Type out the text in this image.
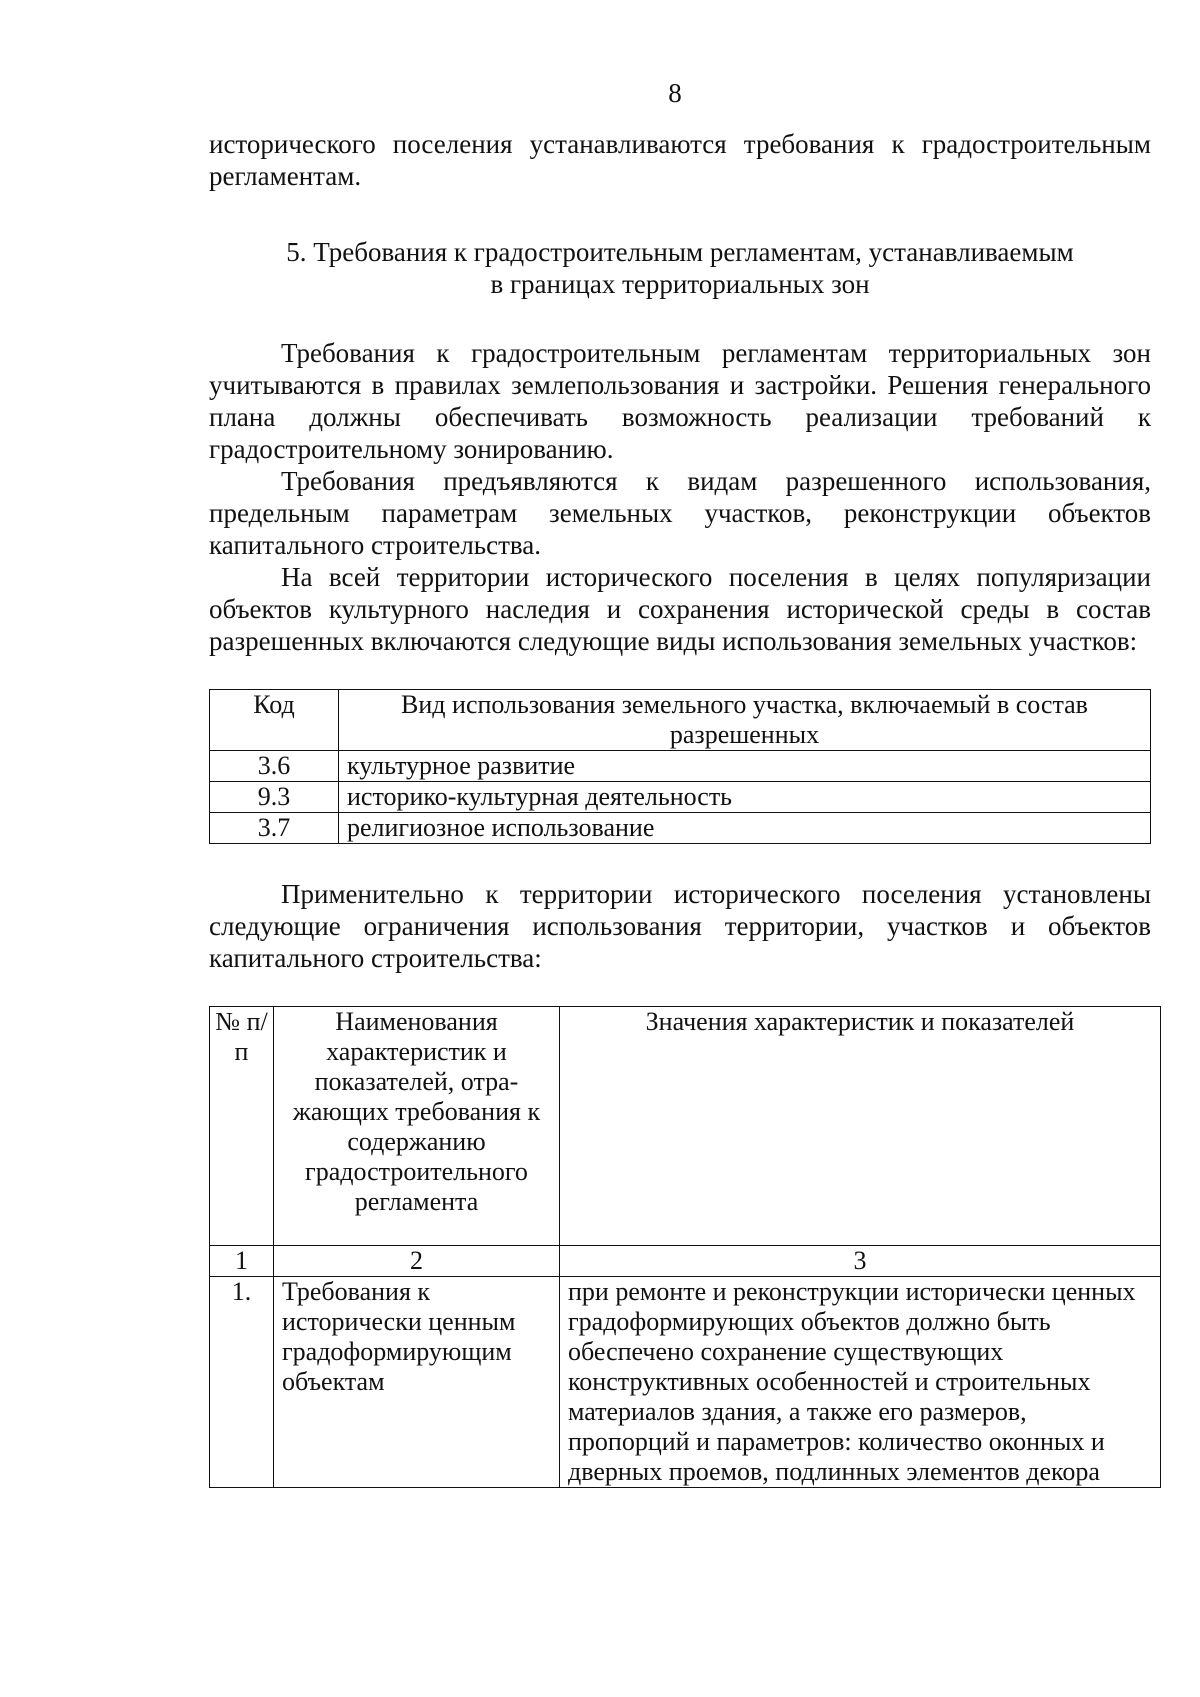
8

исторического поселения устанавливаются требования к градостроительным регламентам.

5. Требования к градостроительным регламентам, устанавливаемым
в границах территориальных зон

Требования к градостроительным регламентам территориальных зон учитываются в правилах землепользования и застройки. Решения генерального плана должны обеспечивать возможность реализации требований к градостроительному зонированию.

Требования предъявляются к видам разрешенного использования, предельным параметрам земельных участков, реконструкции объектов капитального строительства.

На всей территории исторического поселения в целях популяризации объектов культурного наследия и сохранения исторической среды в состав разрешенных включаются следующие виды использования земельных участков:

Код	Вид использования земельного участка, включаемый в состав разрешенных
3.6	культурное развитие
9.3	историко-культурная деятельность
3.7	религиозное использование

Применительно к территории исторического поселения установлены следующие ограничения использования территории, участков и объектов капитального строительства:

№ п/п	Наименования характеристик и показателей, отра-жающих требования к содержанию градостроительного регламента	Значения характеристик и показателей
1	2	3
1.	Требования к исторически ценным градоформирующим объектам	при ремонте и реконструкции исторически ценных градоформирующих объектов должно быть обеспечено сохранение существующих конструктивных особенностей и строительных материалов здания, а также его размеров, пропорций и параметров: количество оконных и дверных проемов, подлинных элементов декора
